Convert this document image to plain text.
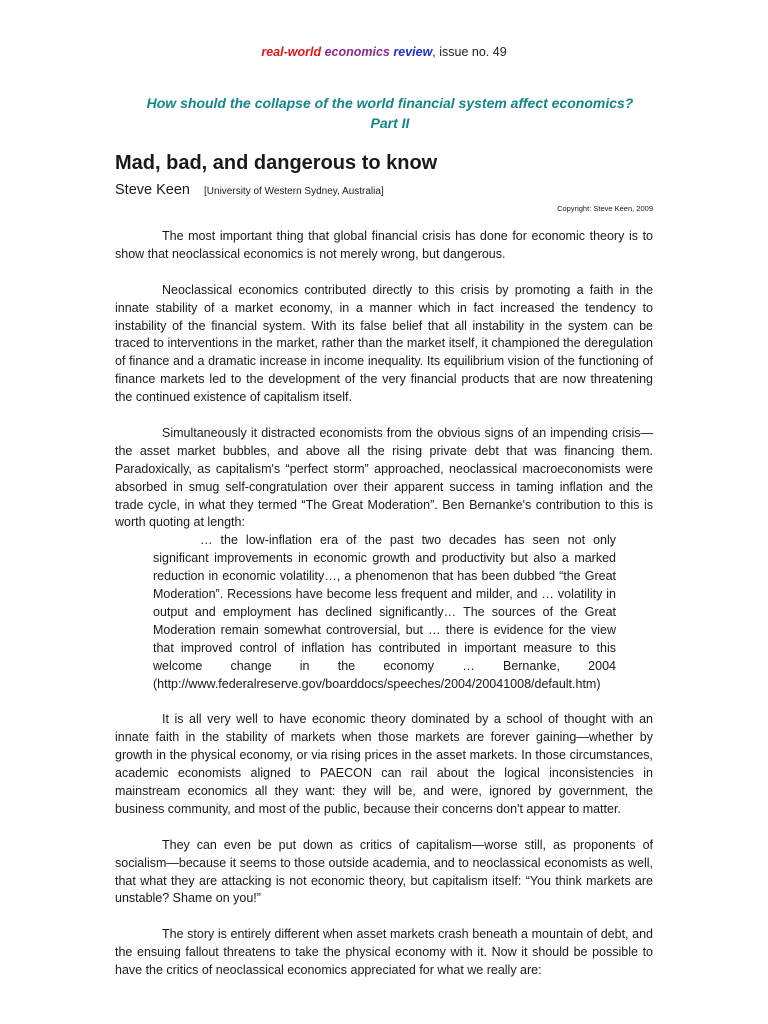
real-world economics review, issue no. 49
How should the collapse of the world financial system affect economics?
Part II
Mad, bad, and dangerous to know
Steve Keen [University of Western Sydney, Australia]
Copyright: Steve Keen, 2009

The most important thing that global financial crisis has done for economic theory is to show that neoclassical economics is not merely wrong, but dangerous.

Neoclassical economics contributed directly to this crisis by promoting a faith in the innate stability of a market economy, in a manner which in fact increased the tendency to instability of the financial system. With its false belief that all instability in the system can be traced to interventions in the market, rather than the market itself, it championed the deregulation of finance and a dramatic increase in income inequality. Its equilibrium vision of the functioning of finance markets led to the development of the very financial products that are now threatening the continued existence of capitalism itself.

Simultaneously it distracted economists from the obvious signs of an impending crisis—the asset market bubbles, and above all the rising private debt that was financing them. Paradoxically, as capitalism's “perfect storm” approached, neoclassical macroeconomists were absorbed in smug self-congratulation over their apparent success in taming inflation and the trade cycle, in what they termed “The Great Moderation”. Ben Bernanke's contribution to this is worth quoting at length:

… the low-inflation era of the past two decades has seen not only significant improvements in economic growth and productivity but also a marked reduction in economic volatility…, a phenomenon that has been dubbed “the Great Moderation”. Recessions have become less frequent and milder, and … volatility in output and employment has declined significantly… The sources of the Great Moderation remain somewhat controversial, but … there is evidence for the view that improved control of inflation has contributed in important measure to this welcome change in the economy … Bernanke, 2004 (http://www.federalreserve.gov/boarddocs/speeches/2004/20041008/default.htm)

It is all very well to have economic theory dominated by a school of thought with an innate faith in the stability of markets when those markets are forever gaining—whether by growth in the physical economy, or via rising prices in the asset markets. In those circumstances, academic economists aligned to PAECON can rail about the logical inconsistencies in mainstream economics all they want: they will be, and were, ignored by government, the business community, and most of the public, because their concerns don't appear to matter.

They can even be put down as critics of capitalism—worse still, as proponents of socialism—because it seems to those outside academia, and to neoclassical economists as well, that what they are attacking is not economic theory, but capitalism itself: “You think markets are unstable? Shame on you!”

The story is entirely different when asset markets crash beneath a mountain of debt, and the ensuing fallout threatens to take the physical economy with it. Now it should be possible to have the critics of neoclassical economics appreciated for what we really are:
